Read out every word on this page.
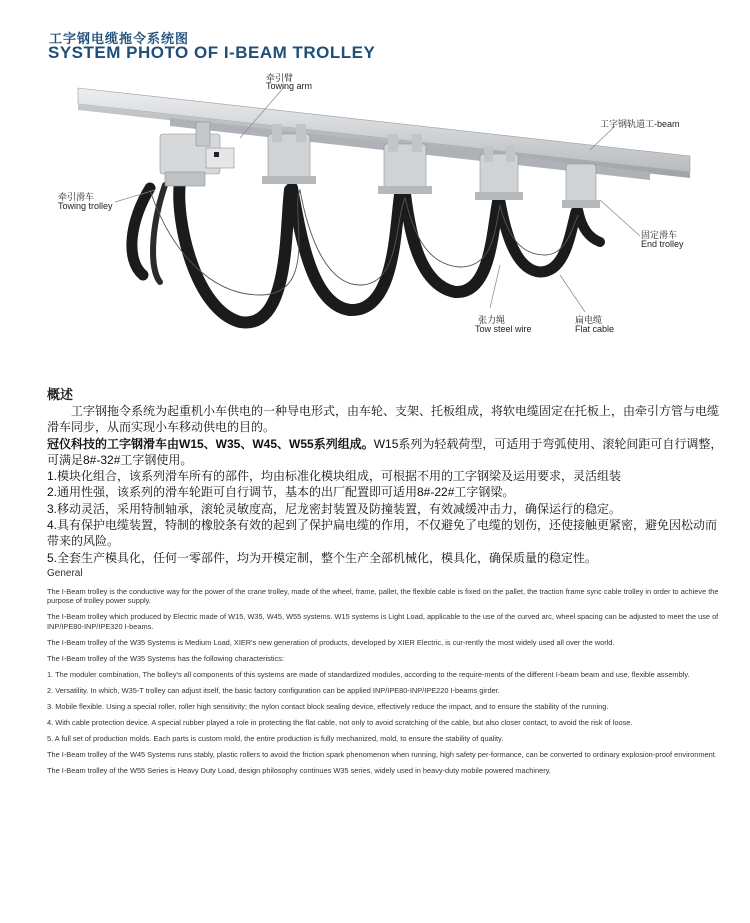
工字钢电缆拖令系统图
SYSTEM PHOTO OF I-BEAM TROLLEY
牵引臂
Towing arm
工字钢轨道工-beam
牵引滑车
Towing trolley
固定滑车
End trolley
张力绳
Tow steel wire
扁电缆
Flat cable
概述

工字钢拖令系统为起重机小车供电的一种导电形式，由车轮、支架、托板组成，将软电缆固定在托板上，由牵引方管与电缆滑车同步，从而实现小车移动供电的目的。

冠仪科技的工字钢滑车由W15、W35、W45、W55系列组成。W15系列为轻载荷型，可适用于弯弧使用、滚轮间距可自行调整，可满足8#-32#工字钢使用。

1.模块化组合，该系列滑车所有的部件，均由标准化模块组成，可根据不用的工字钢梁及运用要求，灵活组装

2.通用性强，该系列的滑车轮距可自行调节，基本的出厂配置即可适用8#-22#工字钢梁。

3.移动灵活，采用特制轴承，滚轮灵敏度高，尼龙密封装置及防撞装置，有效减缓冲击力，确保运行的稳定。

4.具有保护电缆装置，特制的橡胶条有效的起到了保护扁电缆的作用，不仅避免了电缆的划伤，还使接触更紧密，避免因松动而带来的风险。

5.全套生产模具化，任何一零部件，均为开模定制，整个生产全部机械化，模具化，确保质量的稳定性。

General

The I-Beam trolley is the conductive way for the power of the crane trolley, made of the wheel, frame, pallet, the flexible cable is fixed on the pallet, the traction frame sync cable trolley in order to achieve the purpose of trolley power supply.

The I-Beam trolley which produced by Electric made of W15, W35, W45, W55 systems. W15 systems is Light Load, applicable to the use of the curved arc, wheel spacing can be adjusted to meet the use of INP/IPE80-INP/IPE320 I-beams.

The I-Beam trolley of the W35 Systems is Medium Load, XIER's new generation of products, developed by XIER Electric, is cur-rently the most widely used all over the world.

The I-Beam trolley of the W35 Systems has the following characteristics:

1. The moduler combination, The bolley's all components of this systems are made of standardized modules, according to the require-ments of the different I-beam beam and use, flexible assembly.

2. Versatility. In which, W35-T trolley can adjust itself, the basic factory configuration can be applied INP/IPE80-INP/IPE220 I-beams girder.

3. Mobile flexible. Using a special roller, roller high sensitivity; the nylon contact block sealing device, effectively reduce the impact, and to ensure the stability of the running.

4. With cable protection device. A special rubber played a role in protecting the flat cable, not only to avoid scratching of the cable, but also closer contact, to avoid the risk of loose.

5. A full set of production molds. Each parts is custom mold, the entire production is fully mechanized, mold, to ensure the stability of quality.

The I-Beam trolley of the W45 Systems runs stably, plastic rollers to avoid the friction spark phenomenon when running, high safety per-formance, can be converted to ordinary explosion-proof environment.

The I-Beam trolley of the W55 Series is Heavy Duty Load, design philosophy continues W35 series, widely used in heavy-duty mobile powered machinery.
